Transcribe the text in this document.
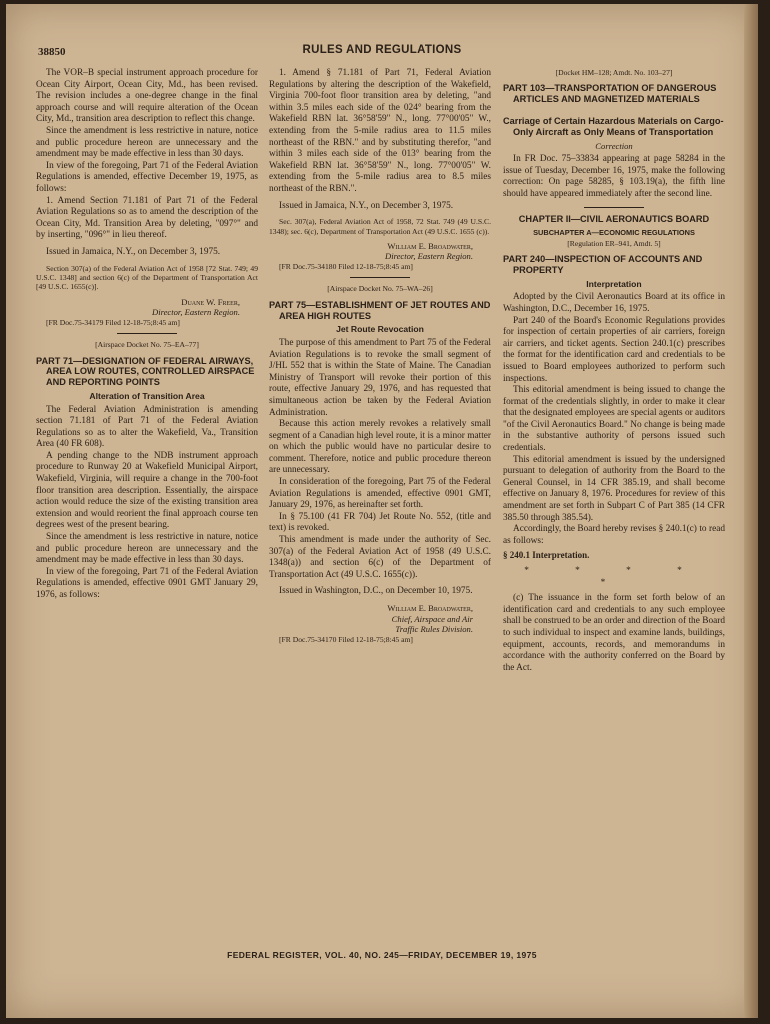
38850	RULES AND REGULATIONS

The VOR–B special instrument approach procedure for Ocean City Airport, Ocean City, Md., has been revised. The revision includes a one-degree change in the final approach course and will require alteration of the Ocean City, Md., transition area description to reflect this change.

Since the amendment is less restrictive in nature, notice and public procedure hereon are unnecessary and the amendment may be made effective in less than 30 days.

In view of the foregoing, Part 71 of the Federal Aviation Regulations is amended, effective December 19, 1975, as follows:

1. Amend Section 71.181 of Part 71 of the Federal Aviation Regulations so as to amend the description of the Ocean City, Md. Transition Area by deleting, "097°" and by inserting, "096°" in lieu thereof.

Issued in Jamaica, N.Y., on December 3, 1975.

Section 307(a) of the Federal Aviation Act of 1958 [72 Stat. 749; 49 U.S.C. 1348] and section 6(c) of the Department of Transportation Act [49 U.S.C. 1655(c)].

Duane W. Freer,
Director, Eastern Region.

[FR Doc.75-34179 Filed 12-18-75;8:45 am]

[Airspace Docket No. 75–EA–77]

PART 71—DESIGNATION OF FEDERAL AIRWAYS, AREA LOW ROUTES, CONTROLLED AIRSPACE AND REPORTING POINTS
Alteration of Transition Area

The Federal Aviation Administration is amending section 71.181 of Part 71 of the Federal Aviation Regulations so as to alter the Wakefield, Va., Transition Area (40 FR 608).

A pending change to the NDB instrument approach procedure to Runway 20 at Wakefield Municipal Airport, Wakefield, Virginia, will require a change in the 700-foot floor transition area description. Essentially, the airspace action would reduce the size of the existing transition area extension and would reorient the final approach course ten degrees west of the present bearing.

Since the amendment is less restrictive in nature, notice and public procedure hereon are unnecessary and the amendment may be made effective in less than 30 days.

In view of the foregoing, Part 71 of the Federal Aviation Regulations is amended, effective 0901 GMT January 29, 1976, as follows:

1. Amend § 71.181 of Part 71, Federal Aviation Regulations by altering the description of the Wakefield, Virginia 700-foot floor transition area by deleting, "and within 3.5 miles each side of the 024° bearing from the Wakefield RBN lat. 36°58'59" N., long. 77°00'05" W., extending from the 5-mile radius area to 11.5 miles northeast of the RBN." and by substituting therefor, "and within 3 miles each side of the 013° bearing from the Wakefield RBN lat. 36°58'59" N., long. 77°00'05" W. extending from the 5-mile radius area to 8.5 miles northeast of the RBN.".

Issued in Jamaica, N.Y., on December 3, 1975.

Sec. 307(a), Federal Aviation Act of 1958, 72 Stat. 749 (49 U.S.C. 1348); sec. 6(c), Department of Transportation Act (49 U.S.C. 1655 (c)).

William E. Broadwater,
Director, Eastern Region.

[FR Doc.75-34180 Filed 12-18-75;8:45 am]

[Airspace Docket No. 75–WA–26]

PART 75—ESTABLISHMENT OF JET ROUTES AND AREA HIGH ROUTES
Jet Route Revocation

The purpose of this amendment to Part 75 of the Federal Aviation Regulations is to revoke the small segment of J/HL 552 that is within the State of Maine. The Canadian Ministry of Transport will revoke their portion of this route, effective January 29, 1976, and has requested that simultaneous action be taken by the Federal Aviation Administration.

Because this action merely revokes a relatively small segment of a Canadian high level route, it is a minor matter on which the public would have no particular desire to comment. Therefore, notice and public procedure thereon are unnecessary.

In consideration of the foregoing, Part 75 of the Federal Aviation Regulations is amended, effective 0901 GMT, January 29, 1976, as hereinafter set forth.

In § 75.100 (41 FR 704) Jet Route No. 552, (title and text) is revoked.

This amendment is made under the authority of Sec. 307(a) of the Federal Aviation Act of 1958 (49 U.S.C. 1348(a)) and section 6(c) of the Department of Transportation Act (49 U.S.C. 1655(c)).

Issued in Washington, D.C., on December 10, 1975.

William E. Broadwater,
Chief, Airspace and Air
Traffic Rules Division.

[FR Doc.75-34170 Filed 12-18-75;8:45 am]

[Docket HM–128; Amdt. No. 103–27]

PART 103—TRANSPORTATION OF DANGEROUS ARTICLES AND MAGNETIZED MATERIALS
Carriage of Certain Hazardous Materials on Cargo-Only Aircraft as Only Means of Transportation
Correction

In FR Doc. 75–33834 appearing at page 58284 in the issue of Tuesday, December 16, 1975, make the following correction: On page 58285, § 103.19(a), the fifth line should have appeared immediately after the second line.

CHAPTER II—CIVIL AERONAUTICS BOARD
SUBCHAPTER A—ECONOMIC REGULATIONS

[Regulation ER–941, Amdt. 5]

PART 240—INSPECTION OF ACCOUNTS AND PROPERTY
Interpretation

Adopted by the Civil Aeronautics Board at its office in Washington, D.C., December 16, 1975.

Part 240 of the Board's Economic Regulations provides for inspection of certain properties of air carriers, foreign air carriers, and ticket agents. Section 240.1(c) prescribes the format for the identification card and credentials to be issued to Board employees authorized to perform such inspections.

This editorial amendment is being issued to change the format of the credentials slightly, in order to make it clear that the designated employees are special agents or auditors "of the Civil Aeronautics Board." No change is being made in the substantive authority of persons issued such credentials.

This editorial amendment is issued by the undersigned pursuant to delegation of authority from the Board to the General Counsel, in 14 CFR 385.19, and shall become effective on January 8, 1976. Procedures for review of this amendment are set forth in Subpart C of Part 385 (14 CFR 385.50 through 385.54).

Accordingly, the Board hereby revises § 240.1(c) to read as follows:

§ 240.1 Interpretation.

* * * * *

(c) The issuance in the form set forth below of an identification card and credentials to any such employee shall be construed to be an order and direction of the Board to such individual to inspect and examine lands, buildings, equipment, accounts, records, and memorandums in accordance with the authority conferred on the Board by the Act.

FEDERAL REGISTER, VOL. 40, NO. 245—FRIDAY, DECEMBER 19, 1975
